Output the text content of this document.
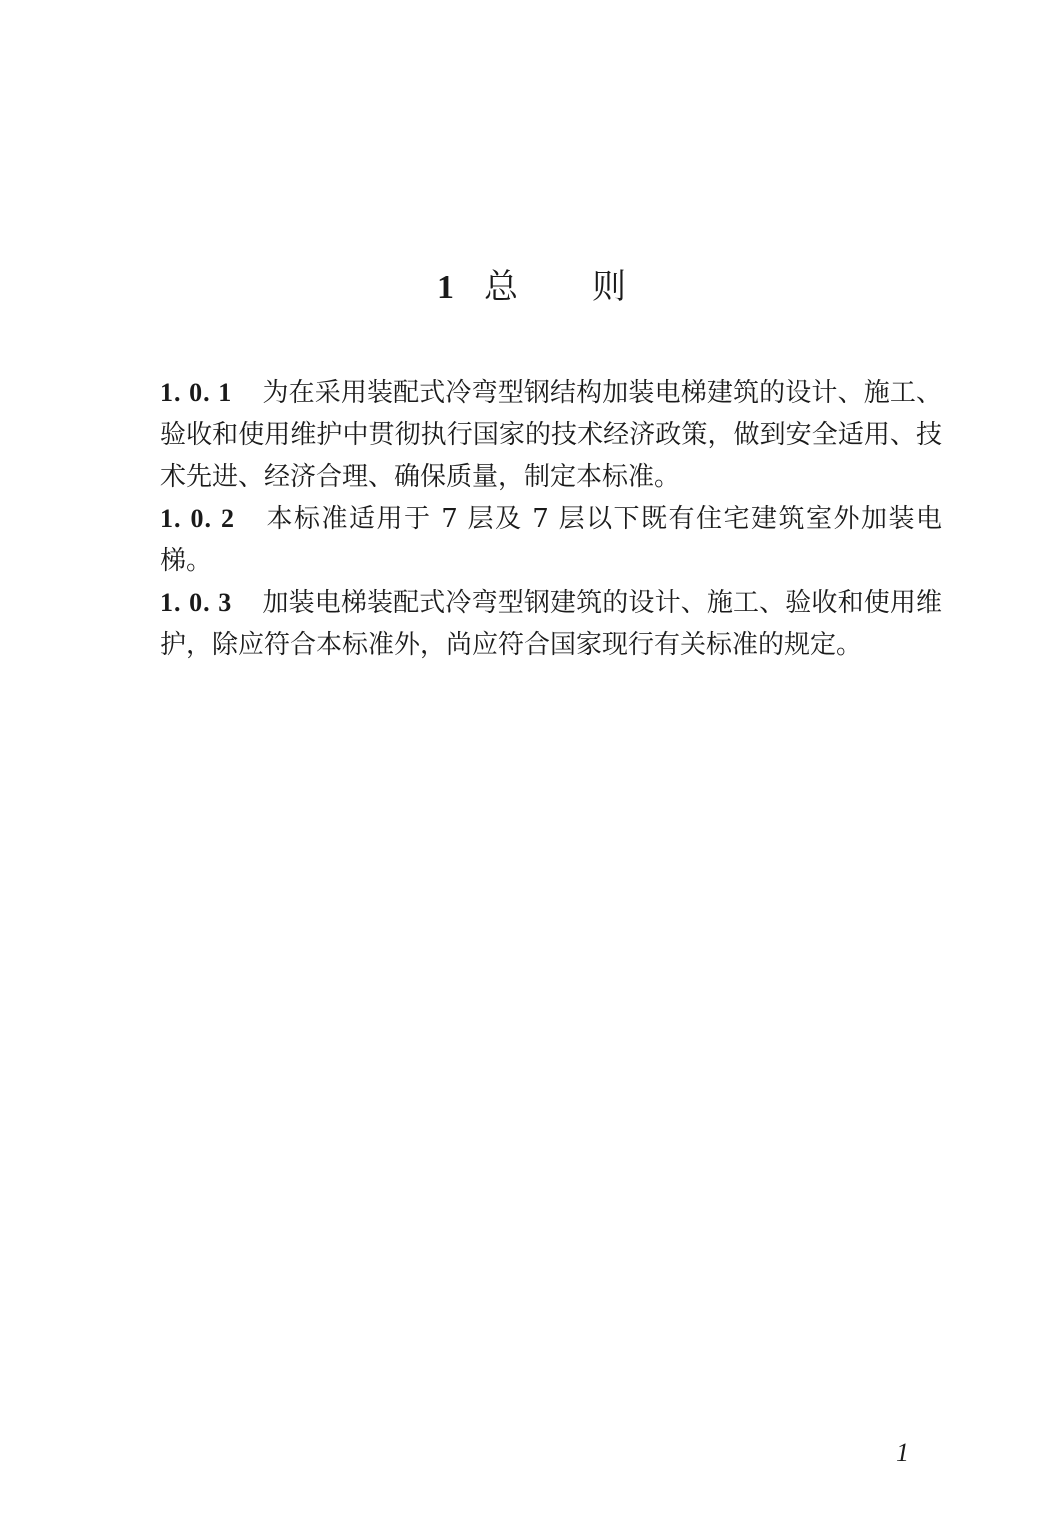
1 总则

1. 0. 1 为在采用装配式冷弯型钢结构加装电梯建筑的设计、施工、验收和使用维护中贯彻执行国家的技术经济政策，做到安全适用、技术先进、经济合理、确保质量，制定本标准。

1. 0. 2 本标准适用于 7 层及 7 层以下既有住宅建筑室外加装电梯。

1. 0. 3 加装电梯装配式冷弯型钢建筑的设计、施工、验收和使用维护，除应符合本标准外，尚应符合国家现行有关标准的规定。

1
